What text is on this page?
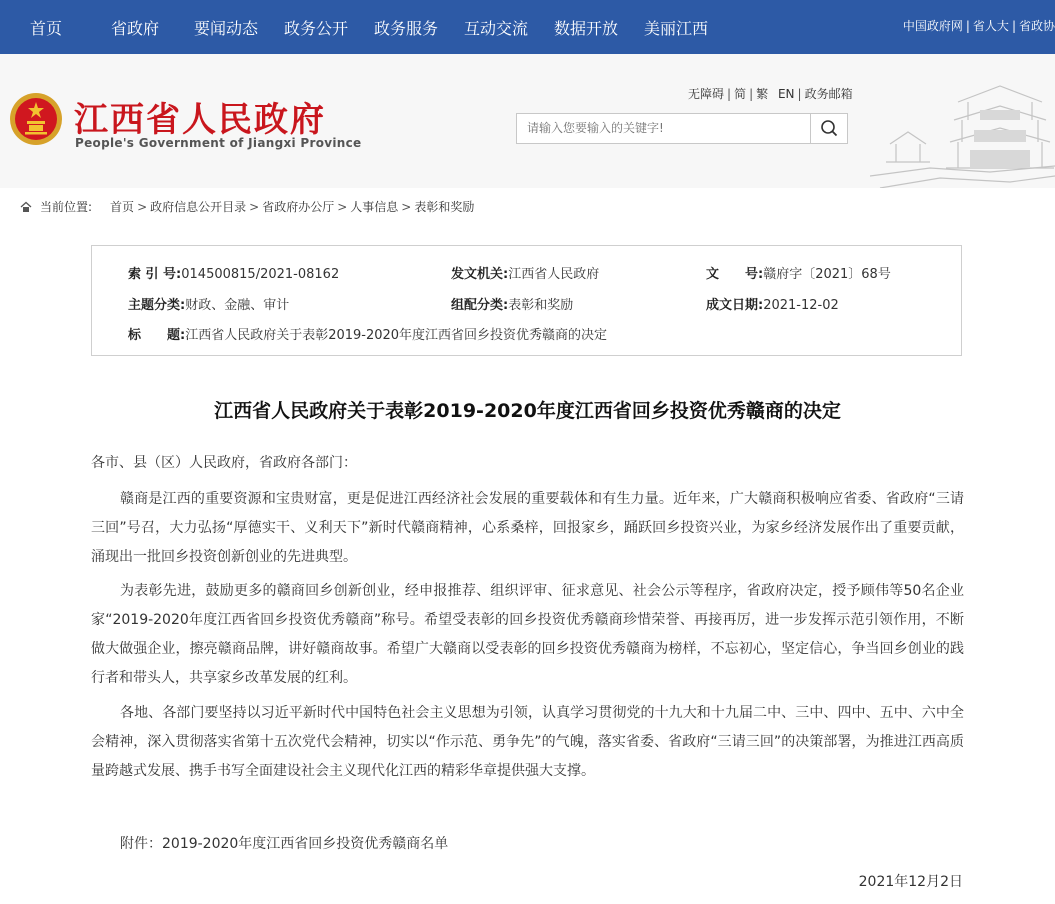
首页	省政府 要闻动态 政务公开 政务服务 互动交流 数据开放 美丽江西	中国政府网 | 省人大 | 省政协
江西省人民政府
People's Government of Jiangxi Province
无障碍 | 简 | 繁 EN | 政务邮箱
请输入您要输入的关键字!
当前位置: 首页 > 政府信息公开目录 > 省政府办公厅 > 人事信息 > 表彰和奖励
索 引 号:014500815/2021-08162	发文机关:江西省人民政府	文　　号:赣府字〔2021〕68号
主题分类:财政、金融、审计	组配分类:表彰和奖励	成文日期:2021-12-02
标　　题:江西省人民政府关于表彰2019-2020年度江西省回乡投资优秀赣商的决定
江西省人民政府关于表彰2019-2020年度江西省回乡投资优秀赣商的决定
各市、县（区）人民政府，省政府各部门：
赣商是江西的重要资源和宝贵财富，更是促进江西经济社会发展的重要载体和有生力量。近年来，广大赣商积极响应省委、省政府“三请三回”号召，大力弘扬“厚德实干、义利天下”新时代赣商精神，心系桑梓，回报家乡，踊跃回乡投资兴业，为家乡经济发展作出了重要贡献，涌现出一批回乡投资创新创业的先进典型。
为表彰先进，鼓励更多的赣商回乡创新创业，经申报推荐、组织评审、征求意见、社会公示等程序，省政府决定，授予顾伟等50名企业家“2019-2020年度江西省回乡投资优秀赣商”称号。希望受表彰的回乡投资优秀赣商珍惜荣誉、再接再厉，进一步发挥示范引领作用，不断做大做强企业，擦亮赣商品牌，讲好赣商故事。希望广大赣商以受表彰的回乡投资优秀赣商为榜样，不忘初心，坚定信心，争当回乡创业的践行者和带头人，共享家乡改革发展的红利。
各地、各部门要坚持以习近平新时代中国特色社会主义思想为引领，认真学习贯彻党的十九大和十九届二中、三中、四中、五中、六中全会精神，深入贯彻落实省第十五次党代会精神，切实以“作示范、勇争先”的气魄，落实省委、省政府“三请三回”的决策部署，为推进江西高质量跨越式发展、携手书写全面建设社会主义现代化江西的精彩华章提供强大支撑。
附件：2019-2020年度江西省回乡投资优秀赣商名单
2021年12月2日
